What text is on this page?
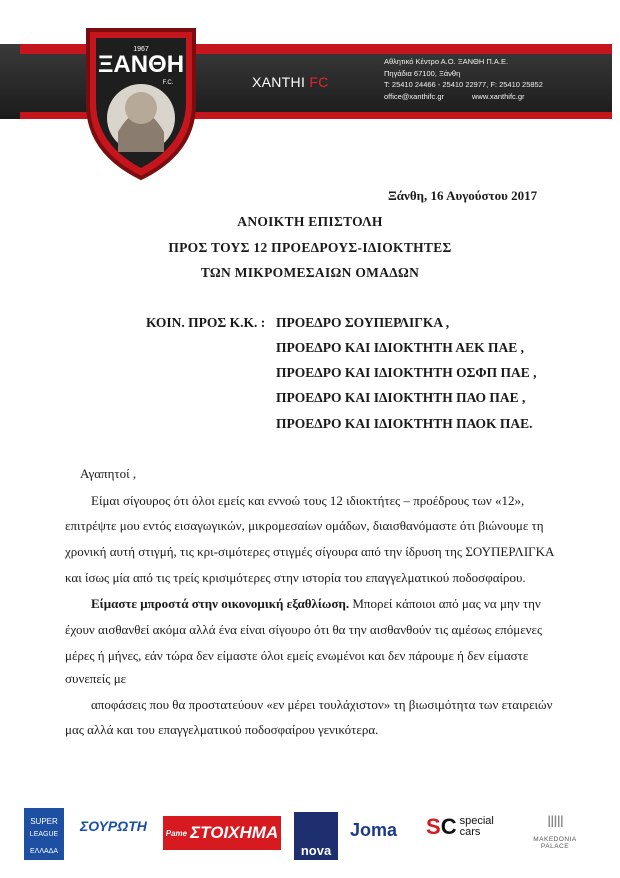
1967
ΞΑΝΘΗ
F.C.	XANTHI FC
Αθλητικό Κέντρο Α.Ο. ΞΑΝΘΗ Π.Α.Ε.
Πηγάδια 67100, Ξάνθη
T: 25410 24466 - 25410 22977, F: 25410 25852
office@xanthifc.gr	www.xanthifc.gr
Ξάνθη, 16 Αυγούστου 2017
ΑΝΟΙΚΤΗ ΕΠΙΣΤΟΛΗ
ΠΡΟΣ ΤΟΥΣ 12 ΠΡΟΕΔΡΟΥΣ-ΙΔΙΟΚΤΗΤΕΣ
ΤΩΝ ΜΙΚΡΟΜΕΣΑΙΩΝ ΟΜΑΔΩΝ
ΚΟΙΝ. ΠΡΟΣ Κ.Κ. : ΠΡΟΕΔΡΟ ΣΟΥΠΕΡΛΙΓΚΑ ,
ΠΡΟΕΔΡΟ ΚΑΙ ΙΔΙΟΚΤΗΤΗ ΑΕΚ ΠΑΕ ,
ΠΡΟΕΔΡΟ ΚΑΙ ΙΔΙΟΚΤΗΤΗ ΟΣΦΠ ΠΑΕ ,
ΠΡΟΕΔΡΟ ΚΑΙ ΙΔΙΟΚΤΗΤΗ ΠΑΟ ΠΑΕ ,
ΠΡΟΕΔΡΟ ΚΑΙ ΙΔΙΟΚΤΗΤΗ ΠΑΟΚ ΠΑΕ.
Αγαπητοί ,
Είμαι σίγουρος ότι όλοι εμείς και εννοώ τους 12 ιδιοκτήτες – προέδρους των «12»,
επιτρέψτε μου εντός εισαγωγικών, μικρομεσαίων ομάδων, διαισθανόμαστε ότι βιώνουμε τη
χρονική αυτή στιγμή, τις κρι-σιμότερες στιγμές σίγουρα από την ίδρυση της ΣΟΥΠΕΡΛΙΓΚΑ
και ίσως μία από τις τρείς κρισιμότερες στην ιστορία του επαγγελματικού ποδοσφαίρου.
Είμαστε μπροστά στην οικονομική εξαθλίωση. Μπορεί κάποιοι από μας να μην την
έχουν αισθανθεί ακόμα αλλά ένα είναι σίγουρο ότι θα την αισθανθούν τις αμέσως επόμενες
μέρες ή μήνες, εάν τώρα δεν είμαστε όλοι εμείς ενωμένοι και δεν πάρουμε ή δεν είμαστε
συνεπείς με
αποφάσεις που θα προστατεύουν «εν μέρει τουλάχιστον» τη βιωσιμότητα των εταιρειών
μας αλλά και του επαγγελματικού ποδοσφαίρου γενικότερα.
SUPER
LEAGUE
ΕΛΛΑΔΑ
ΣΟΥΡΩΤΗ Pame ΣΤΟΙΧΗΜΑ
nova
Joma SC special
cars
ǀǀǀǀǀ
MAKEDONIA PALACE
